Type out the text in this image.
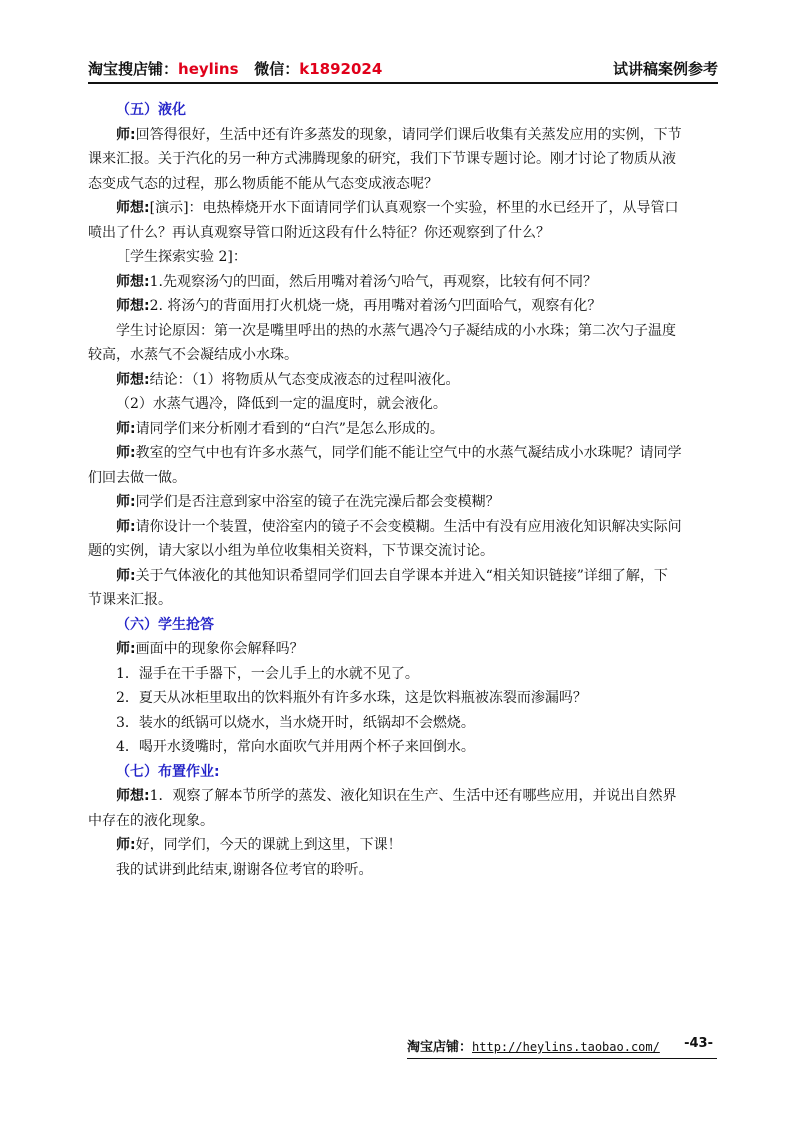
淘宝搜店铺：heylins 微信：k1892024	试讲稿案例参考
（五）液化
师:回答得很好，生活中还有许多蒸发的现象，请同学们课后收集有关蒸发应用的实例，下节
课来汇报。关于汽化的另一种方式沸腾现象的研究，我们下节课专题讨论。刚才讨论了物质从液
态变成气态的过程，那么物质能不能从气态变成液态呢？
师想:[演示]：电热棒烧开水下面请同学们认真观察一个实验，杯里的水已经开了，从导管口
喷出了什么？再认真观察导管口附近这段有什么特征？你还观察到了什么？
［学生探索实验 2]：
师想:1.先观察汤勺的凹面，然后用嘴对着汤勺哈气，再观察，比较有何不同？
师想:2. 将汤勺的背面用打火机烧一烧，再用嘴对着汤勺凹面哈气，观察有化？
学生讨论原因：第一次是嘴里呼出的热的水蒸气遇冷勺子凝结成的小水珠；第二次勺子温度
较高，水蒸气不会凝结成小水珠。
师想:结论：（1）将物质从气态变成液态的过程叫液化。
（2）水蒸气遇冷，降低到一定的温度时，就会液化。
师:请同学们来分析刚才看到的“白汽”是怎么形成的。
师:教室的空气中也有许多水蒸气，同学们能不能让空气中的水蒸气凝结成小水珠呢？请同学
们回去做一做。
师:同学们是否注意到家中浴室的镜子在洗完澡后都会变模糊？
师:请你设计一个装置，使浴室内的镜子不会变模糊。生活中有没有应用液化知识解决实际问
题的实例，请大家以小组为单位收集相关资料，下节课交流讨论。
师:关于气体液化的其他知识希望同学们回去自学课本并进入“相关知识链接”详细了解，下
节课来汇报。
（六）学生抢答
师:画面中的现象你会解释吗？
1．湿手在干手器下，一会儿手上的水就不见了。
2．夏天从冰柜里取出的饮料瓶外有许多水珠，这是饮料瓶被冻裂而渗漏吗？
3．装水的纸锅可以烧水，当水烧开时，纸锅却不会燃烧。
4．喝开水烫嘴时，常向水面吹气并用两个杯子来回倒水。
（七）布置作业:
师想:1．观察了解本节所学的蒸发、液化知识在生产、生活中还有哪些应用，并说出自然界
中存在的液化现象。
师:好，同学们，今天的课就上到这里，下课！
我的试讲到此结束,谢谢各位考官的聆听。
淘宝店铺：http://heylins.taobao.com/ -43-
